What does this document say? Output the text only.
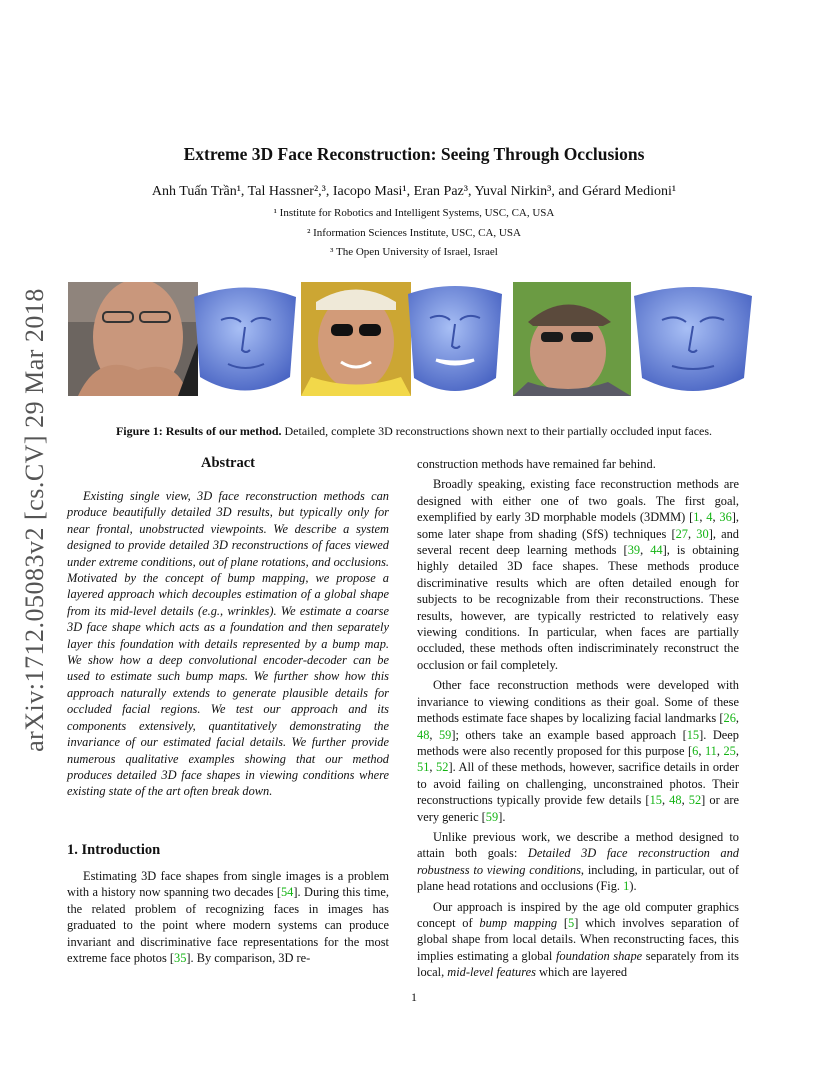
Extreme 3D Face Reconstruction: Seeing Through Occlusions
Anh Tuấn Trần¹, Tal Hassner²,³, Iacopo Masi¹, Eran Paz³, Yuval Nirkin³, and Gérard Medioni¹
¹ Institute for Robotics and Intelligent Systems, USC, CA, USA
² Information Sciences Institute, USC, CA, USA
³ The Open University of Israel, Israel
arXiv:1712.05083v2 [cs.CV] 29 Mar 2018	Figure 1: Results of our method. Detailed, complete 3D reconstructions shown next to their partially occluded input faces.
Abstract

Existing single view, 3D face reconstruction methods can produce beautifully detailed 3D results, but typically only for near frontal, unobstructed viewpoints. We describe a system designed to provide detailed 3D reconstructions of faces viewed under extreme conditions, out of plane rotations, and occlusions. Motivated by the concept of bump mapping, we propose a layered approach which decouples estimation of a global shape from its mid-level details (e.g., wrinkles). We estimate a coarse 3D face shape which acts as a foundation and then separately layer this foundation with details represented by a bump map. We show how a deep convolutional encoder-decoder can be used to estimate such bump maps. We further show how this approach naturally extends to generate plausible details for occluded facial regions. We test our approach and its components extensively, quantitatively demonstrating the invariance of our estimated facial details. We further provide numerous qualitative examples showing that our method produces detailed 3D face shapes in viewing conditions where existing state of the art often break down.

1. Introduction

Estimating 3D face shapes from single images is a problem with a history now spanning two decades [54]. During this time, the related problem of recognizing faces in images has graduated to the point where modern systems can produce invariant and discriminative face representations for the most extreme face photos [35]. By comparison, 3D re-

construction methods have remained far behind.

Broadly speaking, existing face reconstruction methods are designed with either one of two goals. The first goal, exemplified by early 3D morphable models (3DMM) [1, 4, 36], some later shape from shading (SfS) techniques [27, 30], and several recent deep learning methods [39, 44], is obtaining highly detailed 3D face shapes. These methods produce discriminative results which are often detailed enough for subjects to be recognizable from their reconstructions. These results, however, are typically restricted to relatively easy viewing conditions. In particular, when faces are partially occluded, these methods often indiscriminately reconstruct the occlusion or fail completely.

Other face reconstruction methods were developed with invariance to viewing conditions as their goal. Some of these methods estimate face shapes by localizing facial landmarks [26, 48, 59]; others take an example based approach [15]. Deep methods were also recently proposed for this purpose [6, 11, 25, 51, 52]. All of these methods, however, sacrifice details in order to avoid failing on challenging, unconstrained photos. Their reconstructions typically provide few details [15, 48, 52] or are very generic [59].

Unlike previous work, we describe a method designed to attain both goals: Detailed 3D face reconstruction and robustness to viewing conditions, including, in particular, out of plane head rotations and occlusions (Fig. 1).

Our approach is inspired by the age old computer graphics concept of bump mapping [5] which involves separation of global shape from local details. When reconstructing faces, this implies estimating a global foundation shape separately from its local, mid-level features which are layered

1
